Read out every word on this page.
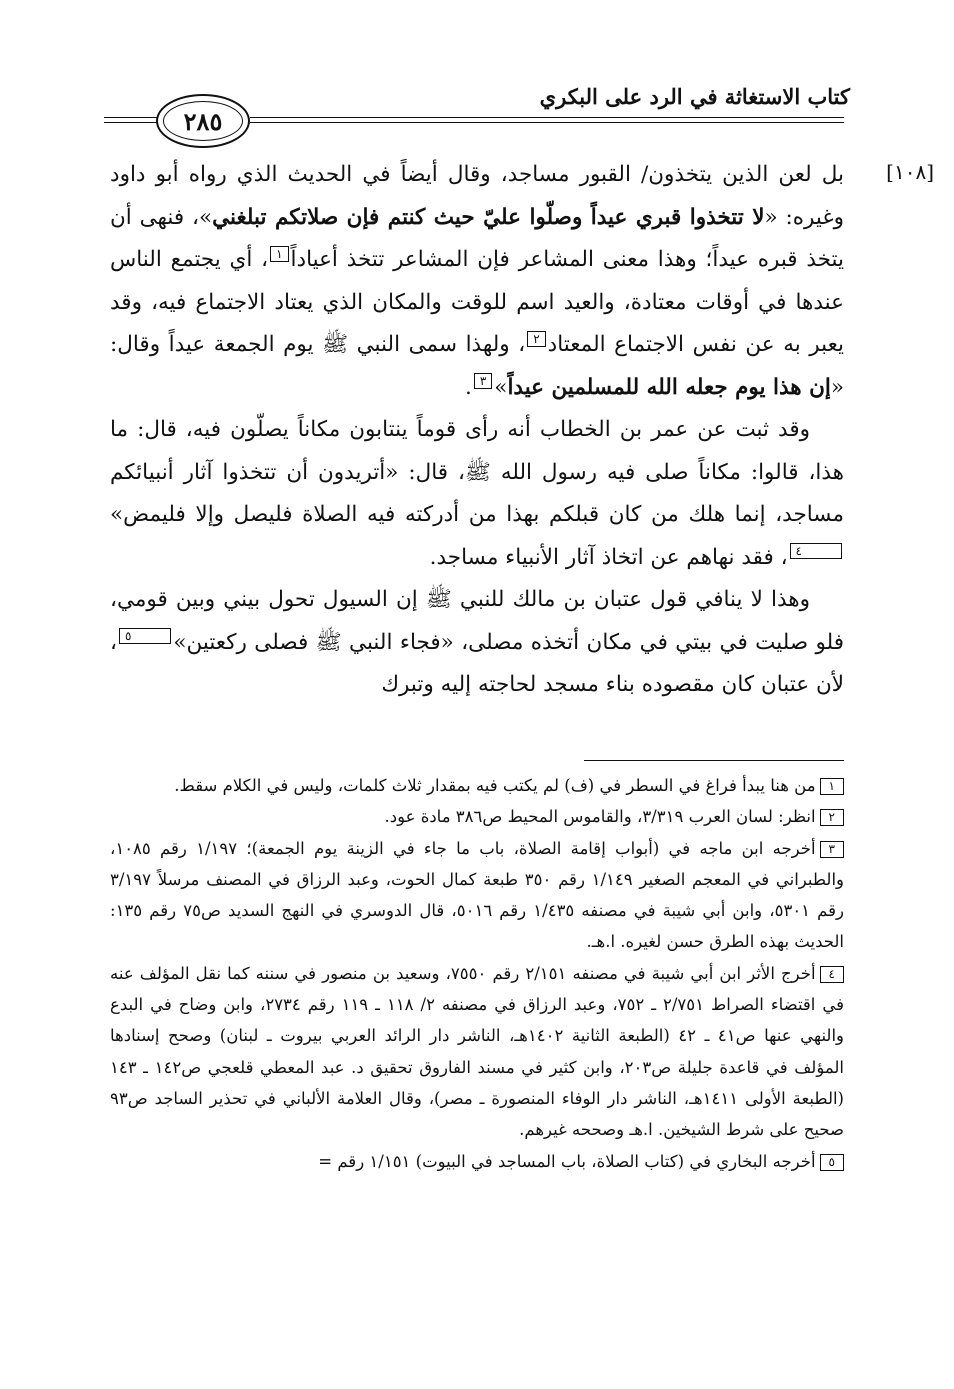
كتاب الاستغاثة في الرد على البكري
٢٨٥
[١٠٨]

بل لعن الذين يتخذون/ القبور مساجد، وقال أيضاً في الحديث الذي رواه أبو داود وغيره: «لا تتخذوا قبري عيداً وصلّوا عليّ حيث كنتم فإن صلاتكم تبلغني»، فنهى أن يتخذ قبره عيداً؛ وهذا معنى المشاعر فإن المشاعر تتخذ أعياداً١، أي يجتمع الناس عندها في أوقات معتادة، والعيد اسم للوقت والمكان الذي يعتاد الاجتماع فيه، وقد يعبر به عن نفس الاجتماع المعتاد٢، ولهذا سمى النبي ﷺ يوم الجمعة عيداً وقال: «إن هذا يوم جعله الله للمسلمين عيداً»٣.

وقد ثبت عن عمر بن الخطاب أنه رأى قوماً ينتابون مكاناً يصلّون فيه، قال: ما هذا، قالوا: مكاناً صلى فيه رسول الله ﷺ، قال: «أتريدون أن تتخذوا آثار أنبيائكم مساجد، إنما هلك من كان قبلكم بهذا من أدركته فيه الصلاة فليصل وإلا فليمض»٤، فقد نهاهم عن اتخاذ آثار الأنبياء مساجد.

وهذا لا ينافي قول عتبان بن مالك للنبي ﷺ إن السيول تحول بيني وبين قومي، فلو صليت في بيتي في مكان أتخذه مصلى، «فجاء النبي ﷺ فصلى ركعتين»٥، لأن عتبان كان مقصوده بناء مسجد لحاجته إليه وتبرك

١من هنا يبدأ فراغ في السطر في (ف) لم يكتب فيه بمقدار ثلاث كلمات، وليس في الكلام سقط.

٢انظر: لسان العرب ٣/٣١٩، والقاموس المحيط ص٣٨٦ مادة عود.

٣أخرجه ابن ماجه في (أبواب إقامة الصلاة، باب ما جاء في الزينة يوم الجمعة)؛ ١/١٩٧ رقم ١٠٨٥، والطبراني في المعجم الصغير ١/١٤٩ رقم ٣٥٠ طبعة كمال الحوت، وعبد الرزاق في المصنف مرسلاً ٣/١٩٧ رقم ٥٣٠١، وابن أبي شيبة في مصنفه ١/٤٣٥ رقم ٥٠١٦، قال الدوسري في النهج السديد ص٧٥ رقم ١٣٥: الحديث بهذه الطرق حسن لغيره. ا.هـ.

٤أخرج الأثر ابن أبي شيبة في مصنفه ٢/١٥١ رقم ٧٥٥٠، وسعيد بن منصور في سننه كما نقل المؤلف عنه في اقتضاء الصراط ٢/٧٥١ ـ ٧٥٢، وعبد الرزاق في مصنفه ٢/ ١١٨ ـ ١١٩ رقم ٢٧٣٤، وابن وضاح في البدع والنهي عنها ص٤١ ـ ٤٢ (الطبعة الثانية ١٤٠٢هـ، الناشر دار الرائد العربي بيروت ـ لبنان) وصحح إسنادها المؤلف في قاعدة جليلة ص٢٠٣، وابن كثير في مسند الفاروق تحقيق د. عبد المعطي قلعجي ص١٤٢ ـ ١٤٣ (الطبعة الأولى ١٤١١هـ، الناشر دار الوفاء المنصورة ـ مصر)، وقال العلامة الألباني في تحذير الساجد ص٩٣ صحيح على شرط الشيخين. ا.هـ وصححه غيرهم.

٥أخرجه البخاري في (كتاب الصلاة، باب المساجد في البيوت) ١/١٥١ رقم =
